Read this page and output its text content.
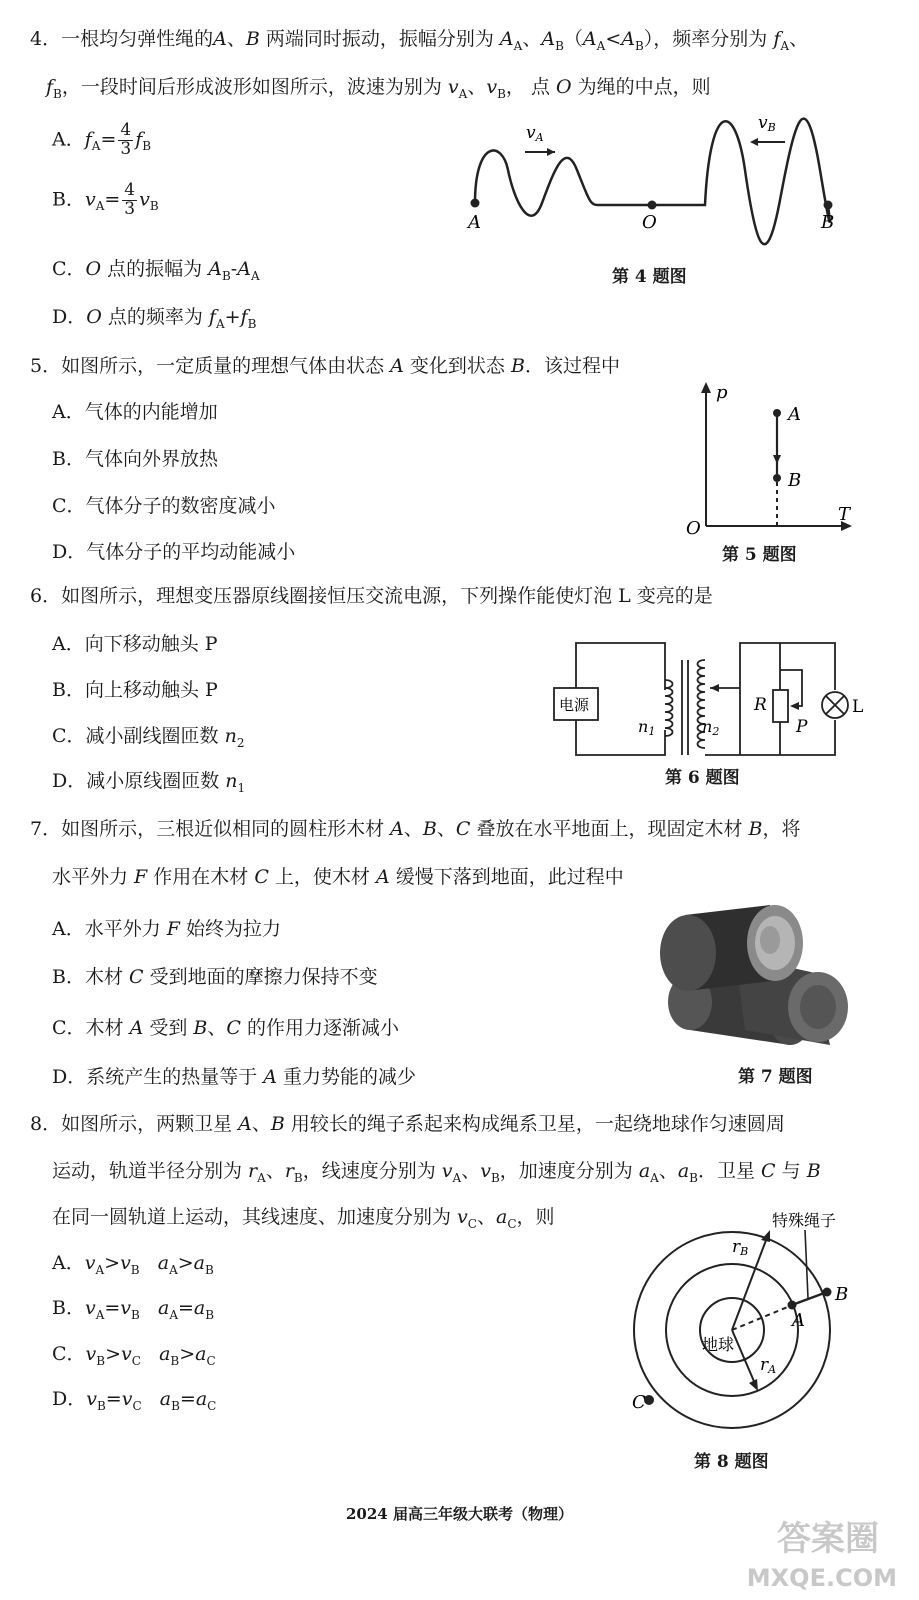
4．一根均匀弹性绳的A、B 两端同时振动，振幅分别为 $A_A$、$A_B(A_A<A_B)$，频率分别为 $f_A$、
$f_B$，一段时间后形成波形如图所示，波速为别为 $v_A$、$v_B$， 点 O 为绳的中点，则
A．$f_A= \frac{4}{3} f_B$
B．$v_A= \frac{4}{3} v_B$
C．O 点的振幅为 $A_B-A_A$
D．O 点的频率为 $f_A+f_B$
A	O	B
vA
vB
第 4 题图
5．如图所示，一定质量的理想气体由状态 A 变化到状态 B．该过程中
A．气体的内能增加
B．气体向外界放热
C．气体分子的数密度减小
D．气体分子的平均动能减小
p
T
O
A
B
第 5 题图
6．如图所示，理想变压器原线圈接恒压交流电源，下列操作能使灯泡 L 变亮的是
A．向下移动触头 P
B．向上移动触头 P
C．减小副线圈匝数 $n_2$
D．减小原线圈匝数 $n_1$
电源
n1	n2
R
P
L
第 6 题图
7．如图所示，三根近似相同的圆柱形木材 A、B、C 叠放在水平地面上，现固定木材 B，将
水平外力 F 作用在木材 C 上，使木材 A 缓慢下落到地面，此过程中
A．水平外力 F 始终为拉力
B．木材 C 受到地面的摩擦力保持不变
C．木材 A 受到 B、C 的作用力逐渐减小
D．系统产生的热量等于 A 重力势能的减少	第 7 题图
8．如图所示，两颗卫星 A、B 用较长的绳子系起来构成绳系卫星，一起绕地球作匀速圆周
运动，轨道半径分别为 $r_A$、$r_B$，线速度分别为 $v_A$、$v_B$，加速度分别为 $a_A$、$a_B$．卫星 C 与 B
在同一圆轨道上运动，其线速度、加速度分别为 $v_C$、$a_C$，则
A．$v_A>v_B$ $a_A>a_B$
B．$v_A=v_B$ $a_A=a_B$
C．$v_B>v_C$ $a_B>a_C$
D．$v_B=v_C$ $a_B=a_C$
地球
rB
rA
A
B
C
特殊绳子
第 8 题图
2024 届高三年级大联考（物理）
答案圈
MXQE.COM
